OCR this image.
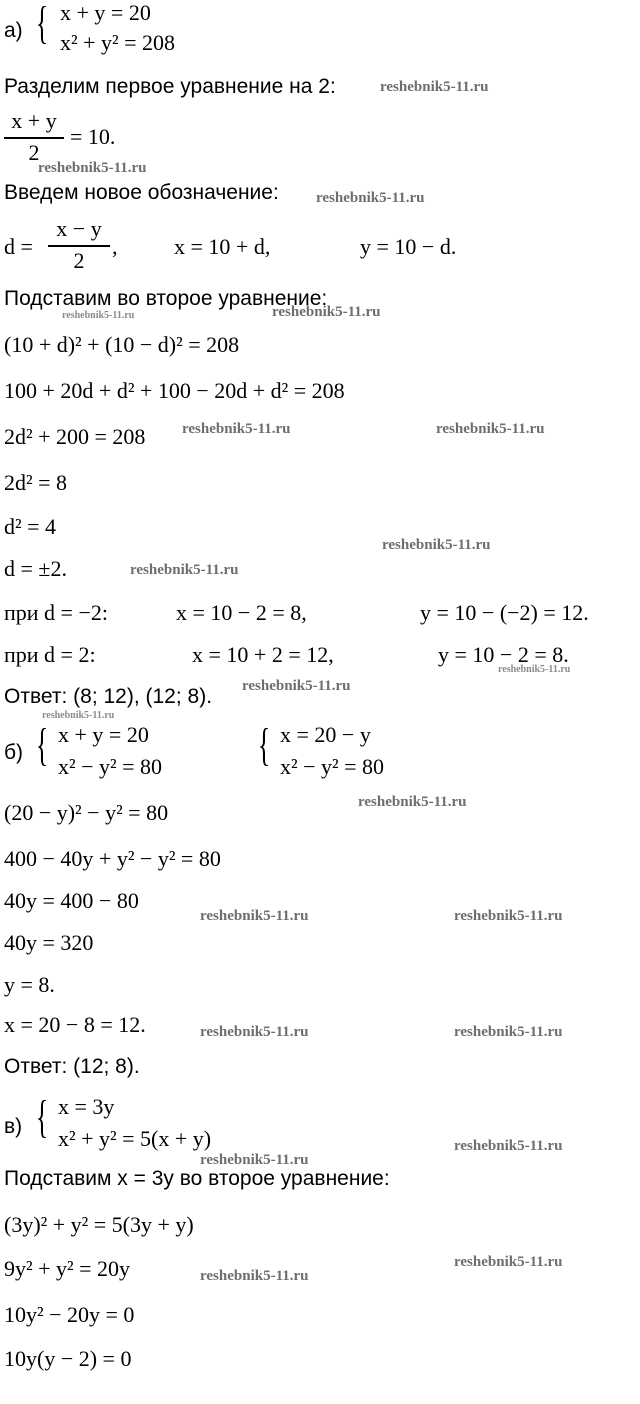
а) { x + y = 20
x² + y² = 208
Разделим первое уравнение на 2:	reshebnik5-11.ru
x + y
2
= 10.
reshebnik5-11.ru
Введем новое обозначение: reshebnik5-11.ru
d =
x − y
2
,	x = 10 + d,	y = 10 − d.
Подставим во второе уравнение:
reshebnik5-11.ru	reshebnik5-11.ru
(10 + d)² + (10 − d)² = 208
100 + 20d + d² + 100 − 20d + d² = 208
2d² + 200 = 208 reshebnik5-11.ru	reshebnik5-11.ru
2d² = 8
d² = 4
reshebnik5-11.ru
d = ±2.	reshebnik5-11.ru
при d = −2:	x = 10 − 2 = 8,	y = 10 − (−2) = 12.
при d = 2:	x = 10 + 2 = 12,	y = 10 − 2 = 8.
reshebnik5-11.ru
Ответ: (8; 12), (12; 8). reshebnik5-11.ru
reshebnik5-11.ru
б) { x + y = 20
x² − y² = 80 { x = 20 − y
x² − y² = 80
(20 − y)² − y² = 80	reshebnik5-11.ru
400 − 40y + y² − y² = 80
40y = 400 − 80
reshebnik5-11.ru	reshebnik5-11.ru
40y = 320
y = 8.
x = 20 − 8 = 12.	reshebnik5-11.ru	reshebnik5-11.ru
Ответ: (12; 8).
в) { x = 3y
x² + y² = 5(x + y)	reshebnik5-11.ru
reshebnik5-11.ru
Подставим x = 3y во второе уравнение:
(3y)² + y² = 5(3y + y)
9y² + y² = 20y	reshebnik5-11.ru
reshebnik5-11.ru
10y² − 20y = 0
10y(y − 2) = 0
